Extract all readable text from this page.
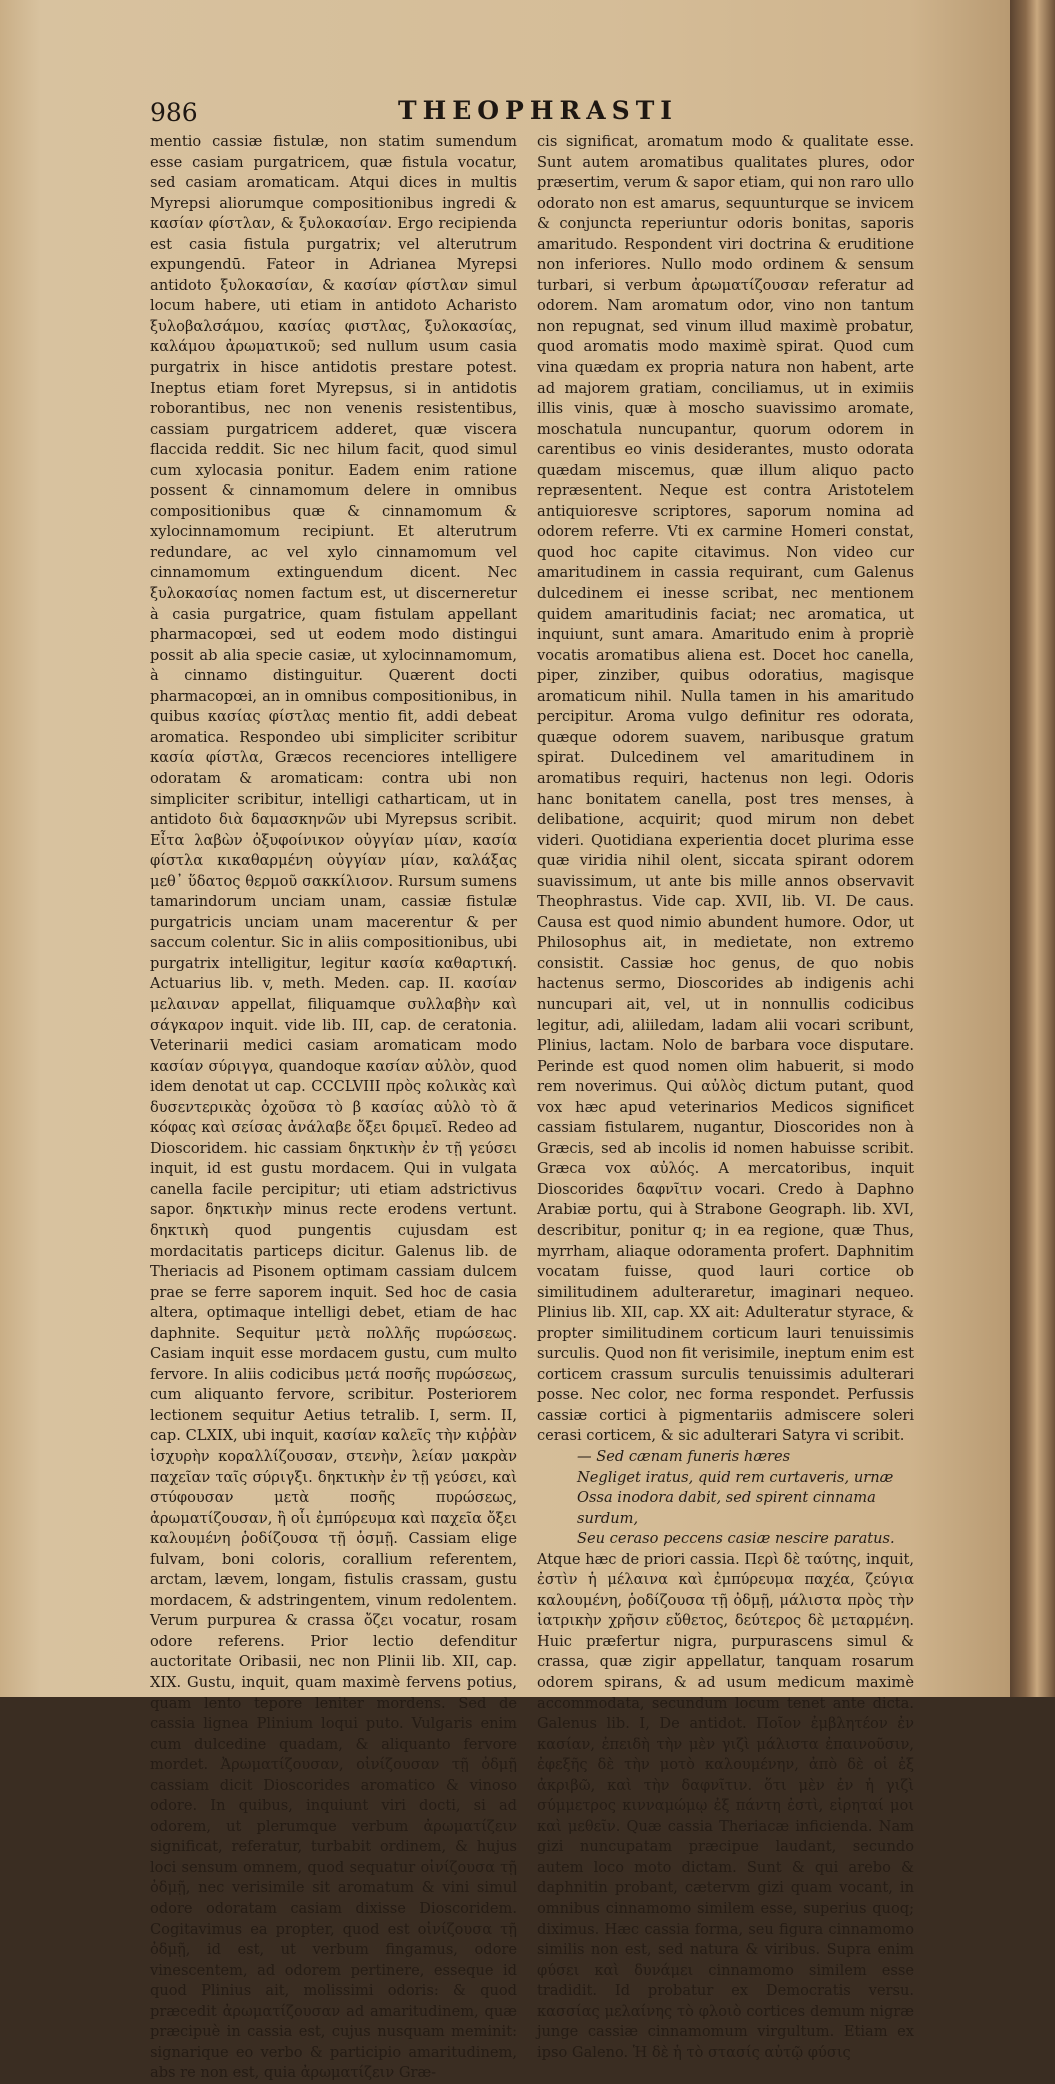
986	THEOPHRASTI

mentio cassiæ fistulæ, non statim sumendum esse casiam purgatricem, quæ fistula vocatur, sed casiam aromaticam. Atqui dices in multis Myrepsi aliorumque compositionibus ingredi & κασίαν φίστλαν, & ξυλοκασίαν. Ergo recipienda est casia fistula purgatrix; vel alterutrum expungendū. Fateor in Adrianea Myrepsi antidoto ξυλοκασίαν, & κασίαν φίστλαν simul locum habere, uti etiam in antidoto Acharisto ξυλοβαλσάμου, κασίας φιστλας, ξυλοκασίας, καλάμου ἀρωματικοῦ; sed nullum usum casia purgatrix in hisce antidotis prestare potest. Ineptus etiam foret Myrepsus, si in antidotis roborantibus, nec non venenis resistentibus, cassiam purgatricem adderet, quæ viscera flaccida reddit. Sic nec hilum facit, quod simul cum xylocasia ponitur. Eadem enim ratione possent & cinnamomum delere in omnibus compositionibus quæ & cinnamomum & xylocinnamomum recipiunt. Et alterutrum redundare, ac vel xylo cinnamomum vel cinnamomum extinguendum dicent. Nec ξυλοκασίας nomen factum est, ut discerneretur à casia purgatrice, quam fistulam appellant pharmacopœi, sed ut eodem modo distingui possit ab alia specie casiæ, ut xylocinnamomum, à cinnamo distinguitur. Quærent docti pharmacopœi, an in omnibus compositionibus, in quibus κασίας φίστλας mentio fit, addi debeat aromatica. Respondeo ubi simpliciter scribitur κασία φίστλα, Græcos recenciores intelligere odoratam & aromaticam: contra ubi non simpliciter scribitur, intelligi catharticam, ut in antidoto διὰ δαμασκηνῶν ubi Myrepsus scribit. Εἶτα λαβὼν ὀξυφοίνικον οὐγγίαν μίαν, κασία φίστλα κικαθαρμένη οὐγγίαν μίαν, καλάξας μεθ᾽ ὕδατος θερμοῦ σακκίλισον. Rursum sumens tamarindorum unciam unam, cassiæ fistulæ purgatricis unciam unam macerentur & per saccum colentur. Sic in aliis compositionibus, ubi purgatrix intelligitur, legitur κασία καθαρτική. Actuarius lib. v, meth. Meden. cap. II. κασίαν μελαιναν appellat, filiquamque συλλαβὴν καὶ σάγκαρον inquit. vide lib. III, cap. de ceratonia. Veterinarii medici casiam aromaticam modo κασίαν σύριγγα, quandoque κασίαν αὐλὸν, quod idem denotat ut cap. CCCLVIII πρὸς κολικὰς καὶ δυσεντερικὰς ὀχοῦσα τὸ β κασίας αὐλὸ τὸ ᾶ κόφας καὶ σείσας ἀνάλαβε ὄξει δριμεῖ. Redeo ad Dioscoridem. hic cassiam δηκτικὴν ἐν τῇ γεύσει inquit, id est gustu mordacem. Qui in vulgata canella facile percipitur; uti etiam adstrictivus sapor. δηκτικὴν minus recte erodens vertunt. δηκτικὴ quod pungentis cujusdam est mordacitatis particeps dicitur. Galenus lib. de Theriacis ad Pisonem optimam cassiam dulcem prae se ferre saporem inquit. Sed hoc de casia altera, optimaque intelligi debet, etiam de hac daphnite. Sequitur μετὰ πολλῆς πυρώσεως. Casiam inquit esse mordacem gustu, cum multo fervore. In aliis codicibus μετά ποσῆς πυρώσεως, cum aliquanto fervore, scribitur. Posteriorem lectionem sequitur Aetius tetralib. I, serm. II, cap. CLXIX, ubi inquit, κασίαν καλεῖς τὴν κιῤῥὰν ἰσχυρὴν κοραλλίζουσαν, στενὴν, λείαν μακρὰν παχεῖαν ταῖς σύριγξι. δηκτικὴν ἐν τῇ γεύσει, καὶ στύφουσαν μετὰ ποσῆς πυρώσεως, ἀρωματίζουσαν, ἢ οἷι ἐμπύρευμα καὶ παχεῖα ὄξει καλουμένη ῥοδίζουσα τῇ ὀσμῇ. Cassiam elige fulvam, boni coloris, corallium referentem, arctam, lævem, longam, fistulis crassam, gustu mordacem, & adstringentem, vinum redolentem. Verum purpurea & crassa ὄζει vocatur, rosam odore referens. Prior lectio defenditur auctoritate Oribasii, nec non Plinii lib. XII, cap. XIX. Gustu, inquit, quam maximè fervens potius, quam lento tepore leniter mordens. Sed de cassia lignea Plinium loqui puto. Vulgaris enim cum dulcedine quadam, & aliquanto fervore mordet. Ἀρωματίζουσαν, οἰνίζουσαν τῇ ὀδμῇ cassiam dicit Dioscorides aromatico & vinoso odore. In quibus, inquiunt viri docti, si ad odorem, ut plerumque verbum ἀρωματίζειν significat, referatur, turbabit ordinem, & hujus loci sensum omnem, quod sequatur οἰνίζουσα τῇ ὀδμῇ, nec verisimile sit aromatum & vini simul odore odoratam casiam dixisse Dioscoridem. Cogitavimus ea propter, quod est οἰνίζουσα τῇ ὀδμῇ, id est, ut verbum fingamus, odore vinescentem, ad odorem pertinere, esseque id quod Plinius ait, molissimi odoris: & quod præcedit ἀρωματίζουσαν ad amaritudinem, quæ præcipuè in cassia est, cujus nusquam meminit: signarique eo verbo & participio amaritudinem, abs re non est, quia ἀρωματίζειν Græ-

cis significat, aromatum modo & qualitate esse. Sunt autem aromatibus qualitates plures, odor præsertim, verum & sapor etiam, qui non raro ullo odorato non est amarus, sequunturque se invicem & conjuncta reperiuntur odoris bonitas, saporis amaritudo. Respondent viri doctrina & eruditione non inferiores. Nullo modo ordinem & sensum turbari, si verbum ἀρωματίζουσαν referatur ad odorem. Nam aromatum odor, vino non tantum non repugnat, sed vinum illud maximè probatur, quod aromatis modo maximè spirat. Quod cum vina quædam ex propria natura non habent, arte ad majorem gratiam, conciliamus, ut in eximiis illis vinis, quæ à moscho suavissimo aromate, moschatula nuncupantur, quorum odorem in carentibus eo vinis desiderantes, musto odorata quædam miscemus, quæ illum aliquo pacto repræsentent. Neque est contra Aristotelem antiquioresve scriptores, saporum nomina ad odorem referre. Vti ex carmine Homeri constat, quod hoc capite citavimus. Non video cur amaritudinem in cassia requirant, cum Galenus dulcedinem ei inesse scribat, nec mentionem quidem amaritudinis faciat; nec aromatica, ut inquiunt, sunt amara. Amaritudo enim à propriè vocatis aromatibus aliena est. Docet hoc canella, piper, zinziber, quibus odoratius, magisque aromaticum nihil. Nulla tamen in his amaritudo percipitur. Aroma vulgo definitur res odorata, quæque odorem suavem, naribusque gratum spirat. Dulcedinem vel amaritudinem in aromatibus requiri, hactenus non legi. Odoris hanc bonitatem canella, post tres menses, à delibatione, acquirit; quod mirum non debet videri. Quotidiana experientia docet plurima esse quæ viridia nihil olent, siccata spirant odorem suavissimum, ut ante bis mille annos observavit Theophrastus. Vide cap. XVII, lib. VI. De caus. Causa est quod nimio abundent humore. Odor, ut Philosophus ait, in medietate, non extremo consistit. Cassiæ hoc genus, de quo nobis hactenus sermo, Dioscorides ab indigenis achi nuncupari ait, vel, ut in nonnullis codicibus legitur, adi, aliiledam, ladam alii vocari scribunt, Plinius, lactam. Nolo de barbara voce disputare. Perinde est quod nomen olim habuerit, si modo rem noverimus. Qui αὐλὸς dictum putant, quod vox hæc apud veterinarios Medicos significet cassiam fistularem, nugantur, Dioscorides non à Græcis, sed ab incolis id nomen habuisse scribit. Græca vox αὐλός. A mercatoribus, inquit Dioscorides δαφνῖτιν vocari. Credo à Daphno Arabiæ portu, qui à Strabone Geograph. lib. XVI, describitur, ponitur q; in ea regione, quæ Thus, myrrham, aliaque odoramenta profert. Daphnitim vocatam fuisse, quod lauri cortice ob similitudinem adulteraretur, imaginari nequeo. Plinius lib. XII, cap. XX ait: Adulteratur styrace, & propter similitudinem corticum lauri tenuissimis surculis. Quod non fit verisimile, ineptum enim est corticem crassum surculis tenuissimis adulterari posse. Nec color, nec forma respondet. Perfussis cassiæ cortici à pigmentariis admiscere soleri cerasi corticem, & sic adulterari Satyra vi scribit.

— Sed cænam funeris hæres
Negliget iratus, quid rem curtaveris, urnæ
Ossa inodora dabit, sed spirent cinnama surdum,
Seu ceraso peccens casiæ nescire paratus.

Atque hæc de priori cassia. Περὶ δὲ ταύτης, inquit, ἐστὶν ἡ μέλαινα καὶ ἐμπύρευμα παχέα, ζεύγια καλουμένη, ῥοδίζουσα τῇ ὀδμῇ, μάλιστα πρὸς τὴν ἰατρικὴν χρῆσιν εὔθετος, δεύτερος δὲ μεταρμένη. Huic præfertur nigra, purpurascens simul & crassa, quæ zigir appellatur, tanquam rosarum odorem spirans, & ad usum medicum maximè accommodata, secundum locum tenet ante dicta. Galenus lib. I, De antidot. Ποῖον ἐμβλητέον ἐν κασίαν, ἐπειδὴ τὴν μὲν γιζὶ μάλιστα ἐπαινοῦσιν, ἐφεξῆς δὲ τὴν μοτὸ καλουμένην, ἀπὸ δὲ οἱ ἐξ ἀκριβῶ, καὶ τὴν δαφνῖτιν. ὅτι μὲν ἐν ἡ γιζὶ σύμμετρος κινναμώμῳ ἐξ πάντη ἐστὶ, εἰρηταί μοι καὶ μεθεῖν. Quæ cassia Theriacæ inficienda. Nam gizi nuncupatam præcipue laudant, secundo autem loco moto dictam. Sunt & qui arebo & daphnitin probant, cætervm gizi quam vocant, in omnibus cinnamomo similem esse, superius quoq; diximus. Hæc cassia forma, seu figura cinnamomo similis non est, sed natura & viribus. Supra enim φύσει καὶ δυνάμει cinnamomo similem esse tradidit. Id probatur ex Democratis versu. κασσίας μελαίνης τὸ φλοιὸ cortices demum nigræ junge cassiæ cinnamomum virgultum. Etiam ex ipso Galeno. Ἡ δὲ ἡ τὸ στασίς αὐτῷ φύσις
